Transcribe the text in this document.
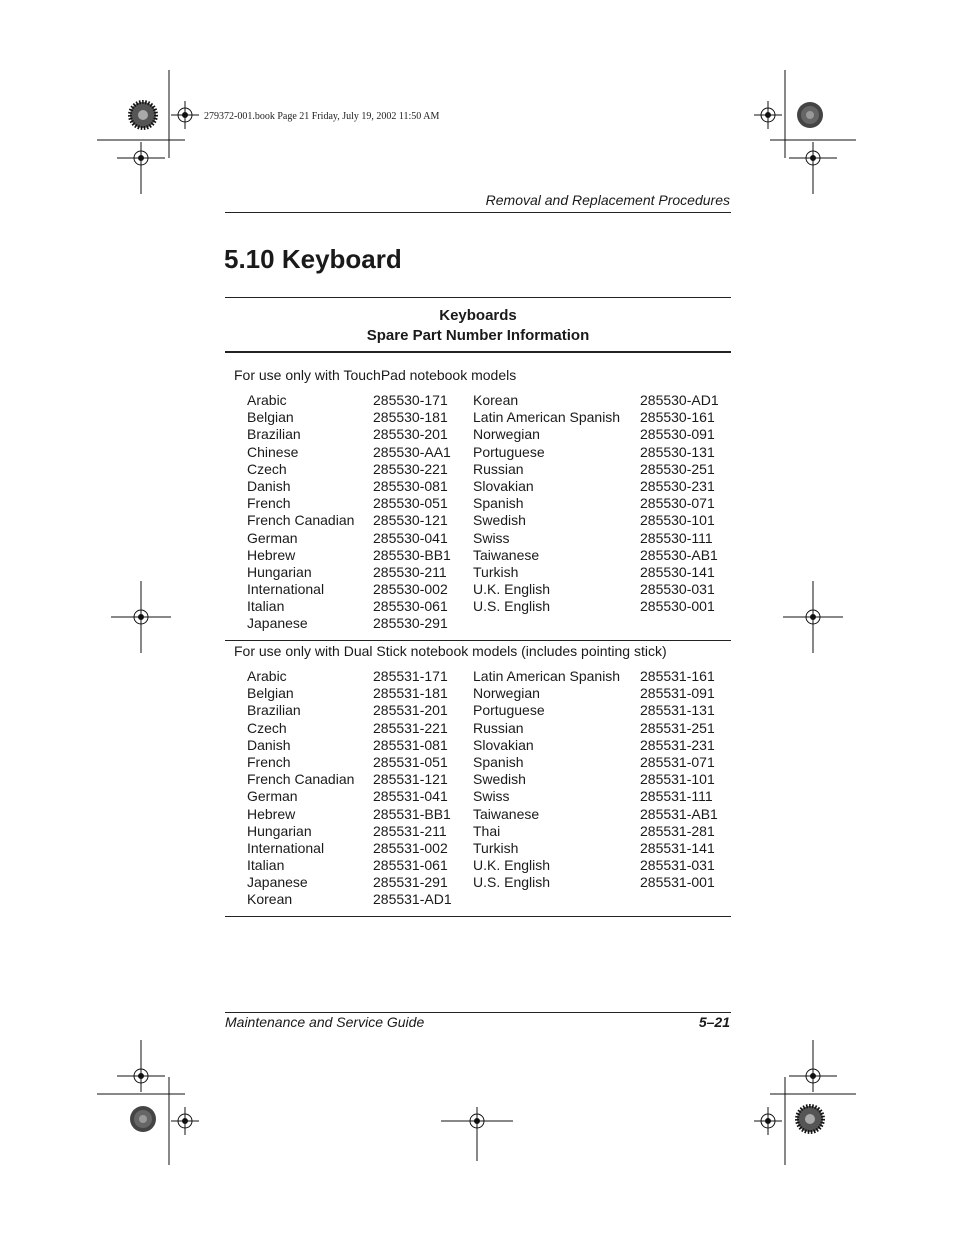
279372-001.book Page 21 Friday, July 19, 2002 11:50 AM
Removal and Replacement Procedures
5.10 Keyboard
Keyboards
Spare Part Number Information
For use only with TouchPad notebook models
Arabic	285530-171 Korean	285530-AD1
Belgian	285530-181 Latin American Spanish 285530-161
Brazilian	285530-201 Norwegian	285530-091
Chinese	285530-AA1 Portuguese	285530-131
Czech	285530-221 Russian	285530-251
Danish	285530-081 Slovakian	285530-231
French	285530-051 Spanish	285530-071
French Canadian 285530-121 Swedish	285530-101
German	285530-041 Swiss	285530-111
Hebrew	285530-BB1 Taiwanese	285530-AB1
Hungarian	285530-211 Turkish	285530-141
International	285530-002 U.K. English	285530-031
Italian	285530-061 U.S. English	285530-001
Japanese	285530-291
For use only with Dual Stick notebook models (includes pointing stick)
Arabic	285531-171 Latin American Spanish 285531-161
Belgian	285531-181 Norwegian	285531-091
Brazilian	285531-201 Portuguese	285531-131
Czech	285531-221 Russian	285531-251
Danish	285531-081 Slovakian	285531-231
French	285531-051 Spanish	285531-071
French Canadian 285531-121 Swedish	285531-101
German	285531-041 Swiss	285531-111
Hebrew	285531-BB1 Taiwanese	285531-AB1
Hungarian	285531-211 Thai	285531-281
International	285531-002 Turkish	285531-141
Italian	285531-061 U.K. English	285531-031
Japanese	285531-291 U.S. English	285531-001
Korean	285531-AD1
Maintenance and Service Guide	5–21
